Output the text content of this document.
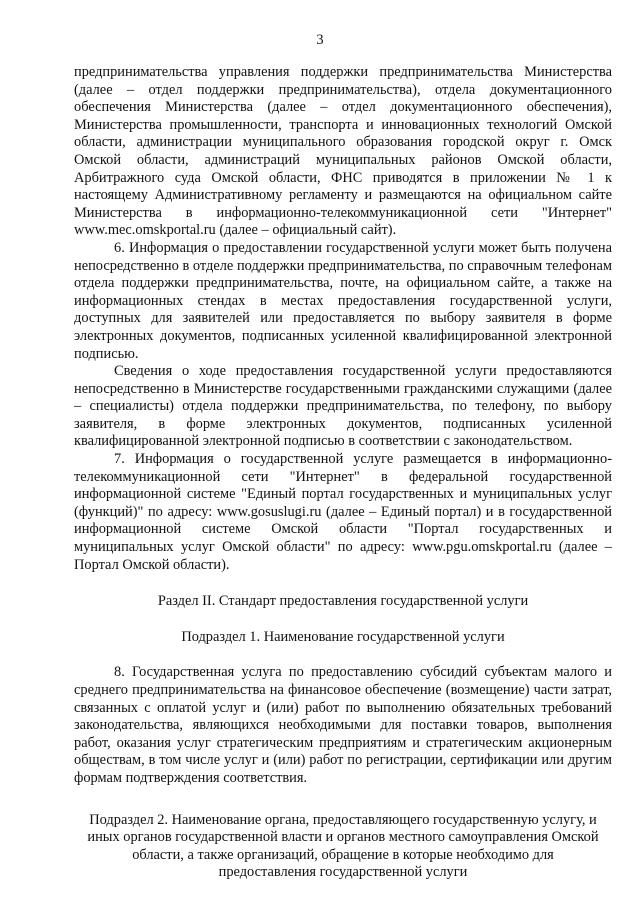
3

предпринимательства управления поддержки предпринимательства Министерства (далее – отдел поддержки предпринимательства), отдела документационного обеспечения Министерства (далее – отдел документационного обеспечения), Министерства промышленности, транспорта и инновационных технологий Омской области, администрации муниципального образования городской округ г. Омск Омской области, администраций муниципальных районов Омской области, Арбитражного суда Омской области, ФНС приводятся в приложении № 1 к настоящему Административному регламенту и размещаются на официальном сайте Министерства в информационно-телекоммуникационной сети "Интернет" www.mec.omskportal.ru (далее – официальный сайт).

6. Информация о предоставлении государственной услуги может быть получена непосредственно в отделе поддержки предпринимательства, по справочным телефонам отдела поддержки предпринимательства, почте, на официальном сайте, а также на информационных стендах в местах предоставления государственной услуги, доступных для заявителей или предоставляется по выбору заявителя в форме электронных документов, подписанных усиленной квалифицированной электронной подписью.

Сведения о ходе предоставления государственной услуги предоставляются непосредственно в Министерстве государственными гражданскими служащими (далее – специалисты) отдела поддержки предпринимательства, по телефону, по выбору заявителя, в форме электронных документов, подписанных усиленной квалифицированной электронной подписью в соответствии с законодательством.

7. Информация о государственной услуге размещается в информационно-телекоммуникационной сети "Интернет" в федеральной государственной информационной системе "Единый портал государственных и муниципальных услуг (функций)" по адресу: www.gosuslugi.ru (далее – Единый портал) и в государственной информационной системе Омской области "Портал государственных и муниципальных услуг Омской области" по адресу: www.pgu.omskportal.ru (далее – Портал Омской области).

Раздел II. Стандарт предоставления государственной услуги

Подраздел 1. Наименование государственной услуги

8. Государственная услуга по предоставлению субсидий субъектам малого и среднего предпринимательства на финансовое обеспечение (возмещение) части затрат, связанных с оплатой услуг и (или) работ по выполнению обязательных требований законодательства, являющихся необходимыми для поставки товаров, выполнения работ, оказания услуг стратегическим предприятиям и стратегическим акционерным обществам, в том числе услуг и (или) работ по регистрации, сертификации или другим формам подтверждения соответствия.

Подраздел 2. Наименование органа, предоставляющего государственную услугу, и иных органов государственной власти и органов местного самоуправления Омской области, а также организаций, обращение в которые необходимо для предоставления государственной услуги
